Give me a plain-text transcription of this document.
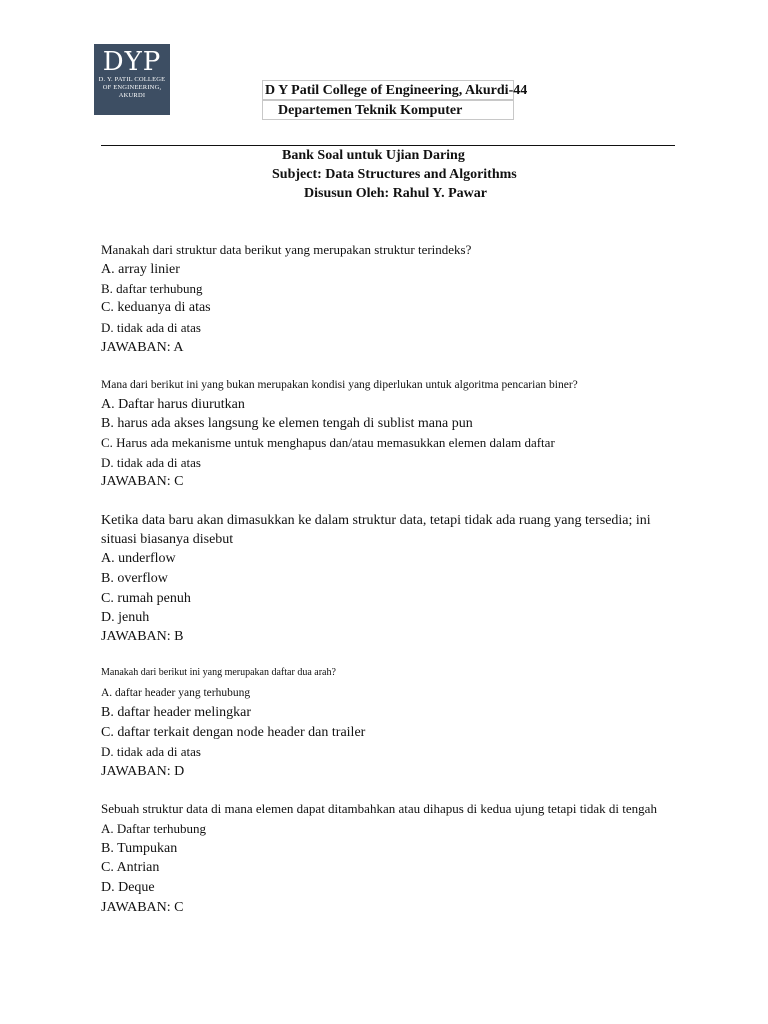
DYP
D. Y. PATIL COLLEGE
OF ENGINEERING,
AKURDI	D Y Patil College of Engineering, Akurdi-44
Departemen Teknik Komputer
Bank Soal untuk Ujian Daring
Subject: Data Structures and Algorithms
Disusun Oleh: Rahul Y. Pawar

Manakah dari struktur data berikut yang merupakan struktur terindeks?

A. array linier

B. daftar terhubung

C. keduanya di atas

D. tidak ada di atas

JAWABAN: A

Mana dari berikut ini yang bukan merupakan kondisi yang diperlukan untuk algoritma pencarian biner?

A. Daftar harus diurutkan

B. harus ada akses langsung ke elemen tengah di sublist mana pun

C. Harus ada mekanisme untuk menghapus dan/atau memasukkan elemen dalam daftar

D. tidak ada di atas

JAWABAN: C

Ketika data baru akan dimasukkan ke dalam struktur data, tetapi tidak ada ruang yang tersedia; ini

situasi biasanya disebut

A. underflow

B. overflow

C. rumah penuh

D. jenuh

JAWABAN: B

Manakah dari berikut ini yang merupakan daftar dua arah?

A. daftar header yang terhubung

B. daftar header melingkar

C. daftar terkait dengan node header dan trailer

D. tidak ada di atas

JAWABAN: D

Sebuah struktur data di mana elemen dapat ditambahkan atau dihapus di kedua ujung tetapi tidak di tengah

A. Daftar terhubung

B. Tumpukan

C. Antrian

D. Deque

JAWABAN: C
